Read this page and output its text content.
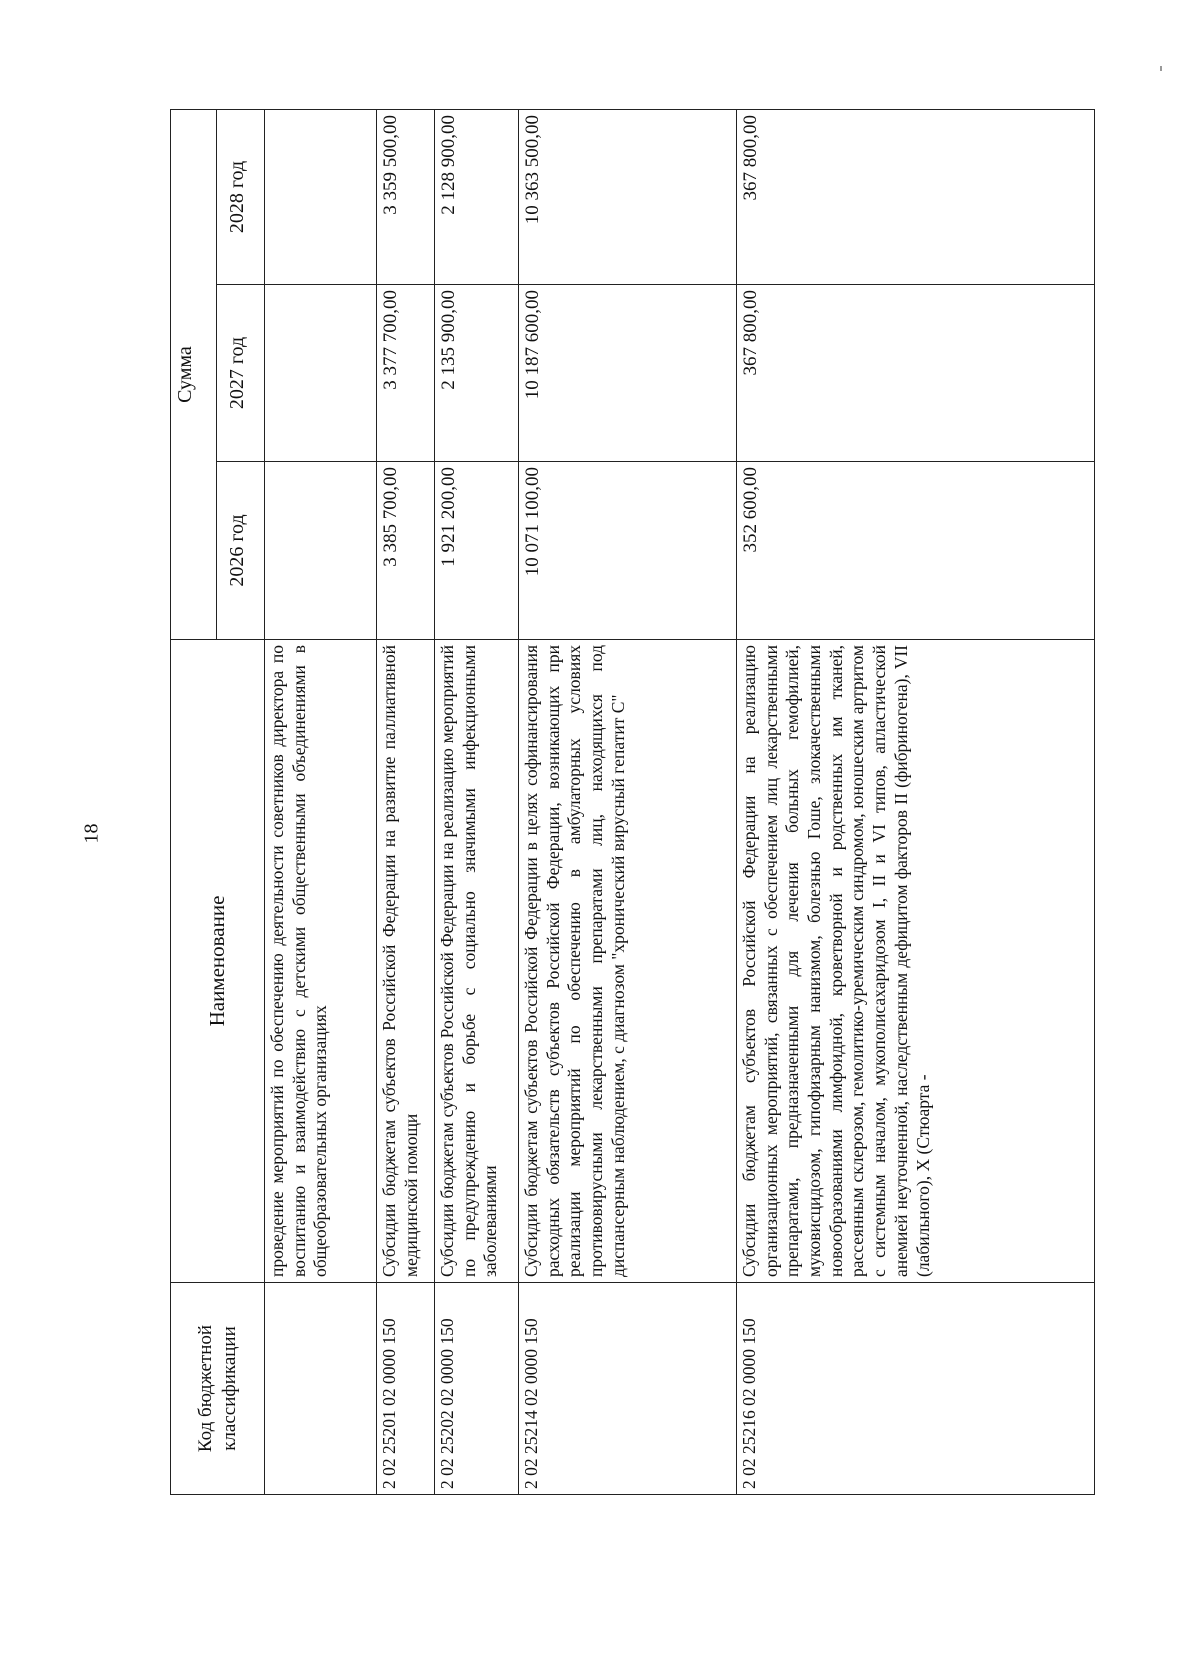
18
Код бюджетной классификации	Наименование	Сумма		
		2026 год	2027 год	2028 год
	проведение мероприятий по обеспечению деятельности советников директора по воспитанию и взаимодействию с детскими общественными объединениями в общеобразовательных организациях			
2 02 25201 02 0000 150	Субсидии бюджетам субъектов Российской Федерации на развитие паллиативной медицинской помощи	3 385 700,00	3 377 700,00	3 359 500,00
2 02 25202 02 0000 150	Субсидии бюджетам субъектов Российской Федерации на реализацию мероприятий по предупреждению и борьбе с социально значимыми инфекционными заболеваниями	1 921 200,00	2 135 900,00	2 128 900,00
2 02 25214 02 0000 150	Субсидии бюджетам субъектов Российской Федерации в целях софинансирования расходных обязательств субъектов Российской Федерации, возникающих при реализации мероприятий по обеспечению в амбулаторных условиях противовирусными лекарственными препаратами лиц, находящихся под диспансерным наблюдением, с диагнозом "хронический вирусный гепатит С"	10 071 100,00	10 187 600,00	10 363 500,00
2 02 25216 02 0000 150	Субсидии бюджетам субъектов Российской Федерации на реализацию организационных мероприятий, связанных с обеспечением лиц лекарственными препаратами, предназначенными для лечения больных гемофилией, муковисцидозом, гипофизарным нанизмом, болезнью Гоше, злокачественными новообразованиями лимфоидной, кроветворной и родственных им тканей, рассеянным склерозом, гемолитико-уремическим синдромом, юношеским артритом с системным началом, мукополисахаридозом I, II и VI типов, апластической анемией неуточненной, наследственным дефицитом факторов II (фибриногена), VII (лабильного), X (Стюарта -	352 600,00	367 800,00	367 800,00
